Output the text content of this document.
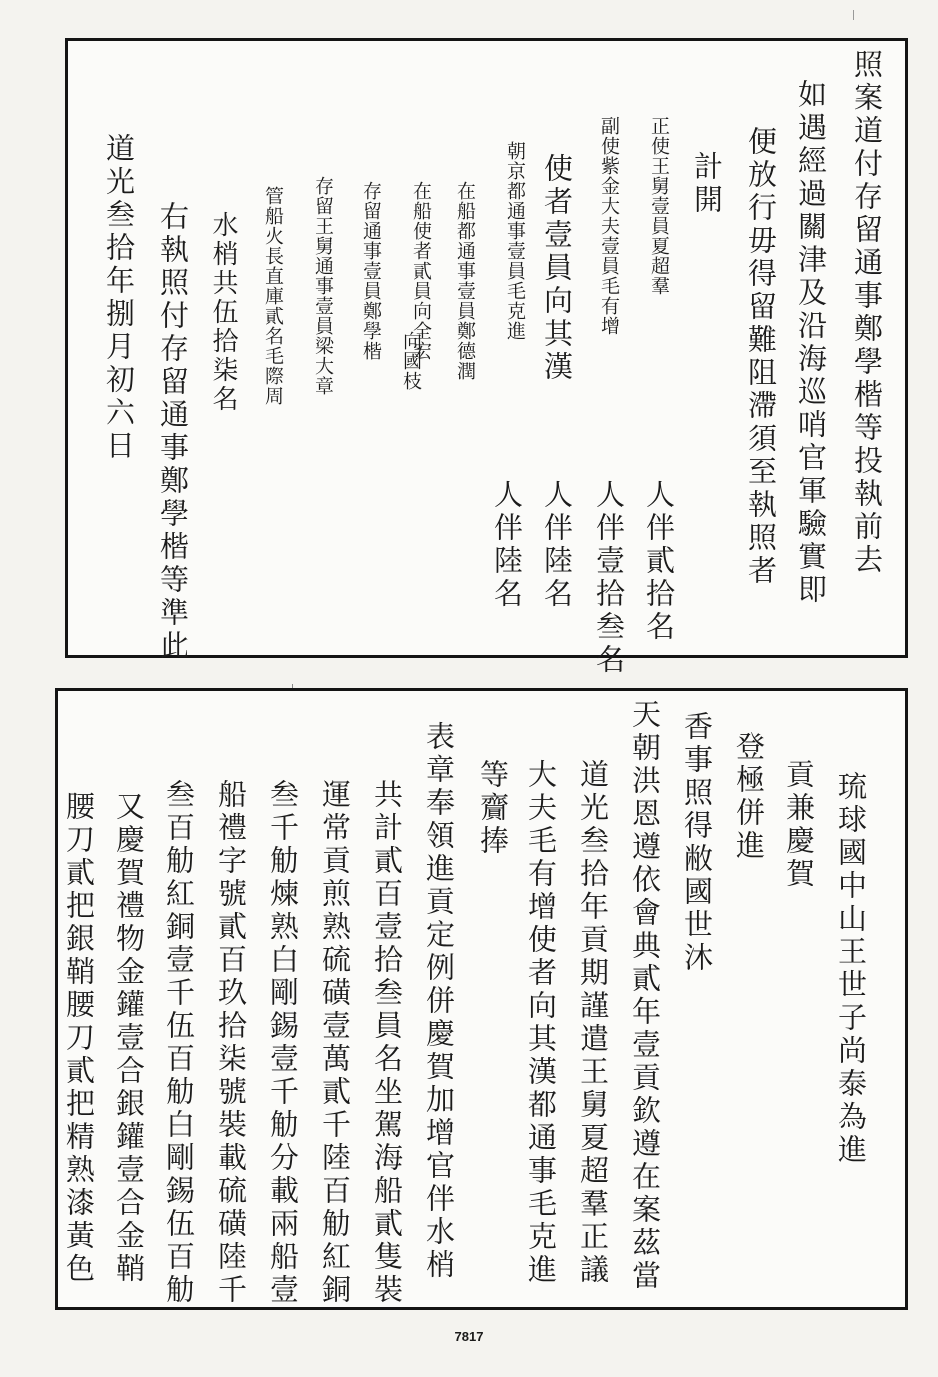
照案道付存留通事鄭學楷等投執前去
如遇經過關津及沿海巡哨官軍驗實即
便放行毋得留難阻滯須至執照者
計開
正使王舅壹員夏超羣
人伴貳拾名
副使紫金大夫壹員毛有增
人伴壹拾叁名
使者壹員向其漢
人伴陸名
朝京都通事壹員毛克進
人伴陸名
在船都通事壹員鄭德潤
在船使者貳員向全宏
向國枝
存留通事壹員鄭學楷
存留王舅通事壹員梁大章
管船火長直庫貳名毛際周
水梢共伍拾柒名
右執照付存留通事鄭學楷等準此
道光叁拾年捌月初六日
琉球國中山王世子尚泰為進
貢兼慶賀
登極併進
香事照得敝國世沐
天朝洪恩遵依會典貳年壹貢欽遵在案茲當
道光叁拾年貢期謹遣王舅夏超羣正議
大夫毛有增使者向其漢都通事毛克進
等齎捧
表章奉領進貢定例併慶賀加增官伴水梢
共計貳百壹拾叁員名坐駕海船貳隻裝
運常貢煎熟硫磺壹萬貳千陸百觔紅銅
叁千觔煉熟白剛錫壹千觔分載兩船壹
船禮字號貳百玖拾柒號裝載硫磺陸千
叁百觔紅銅壹千伍百觔白剛錫伍百觔
又慶賀禮物金鑵壹合銀鑵壹合金鞘
腰刀貳把銀鞘腰刀貳把精熟漆黃色
7817
